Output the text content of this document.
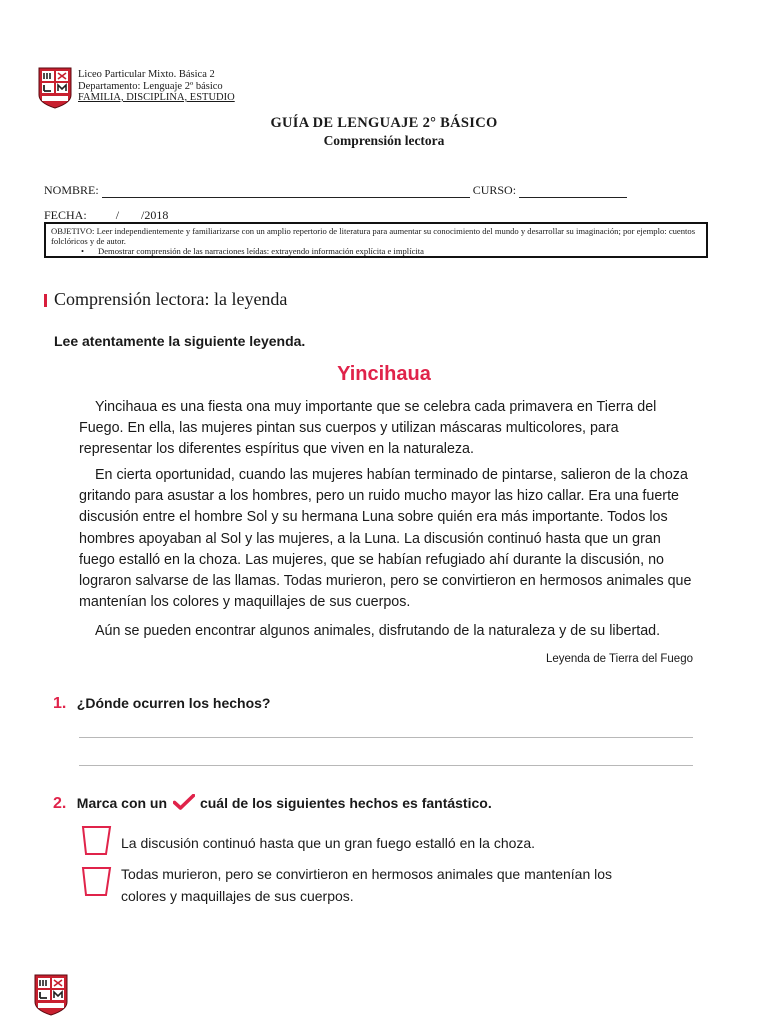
Liceo Particular Mixto. Básica 2
Departamento: Lenguaje 2º básico
FAMILIA, DISCIPLINA, ESTUDIO
GUÍA DE LENGUAJE 2° BÁSICO
Comprensión lectora
NOMBRE:	CURSO:
FECHA: / /2018
OBJETIVO: Leer independientemente y familiarizarse con un amplio repertorio de literatura para aumentar su conocimiento del mundo y desarrollar su imaginación; por ejemplo: cuentos folclóricos y de autor.
• Demostrar comprensión de las narraciones leídas: extrayendo información explícita e implícita
Comprensión lectora: la leyenda
Lee atentamente la siguiente leyenda.
Yincihaua

Yincihaua es una fiesta ona muy importante que se celebra cada primavera en Tierra del Fuego. En ella, las mujeres pintan sus cuerpos y utilizan máscaras multicolores, para representar los diferentes espíritus que viven en la naturaleza.

En cierta oportunidad, cuando las mujeres habían terminado de pintarse, salieron de la choza gritando para asustar a los hombres, pero un ruido mucho mayor las hizo callar. Era una fuerte discusión entre el hombre Sol y su hermana Luna sobre quién era más importante. Todos los hombres apoyaban al Sol y las mujeres, a la Luna. La discusión continuó hasta que un gran fuego estalló en la choza. Las mujeres, que se habían refugiado ahí durante la discusión, no lograron salvarse de las llamas. Todas murieron, pero se convirtieron en hermosos animales que mantenían los colores y maquillajes de sus cuerpos.

Aún se pueden encontrar algunos animales, disfrutando de la naturaleza y de su libertad.

Leyenda de Tierra del Fuego
1. ¿Dónde ocurren los hechos?
2. Marca con un cuál de los siguientes hechos es fantástico.
La discusión continuó hasta que un gran fuego estalló en la choza.
Todas murieron, pero se convirtieron en hermosos animales que mantenían los colores y maquillajes de sus cuerpos.
